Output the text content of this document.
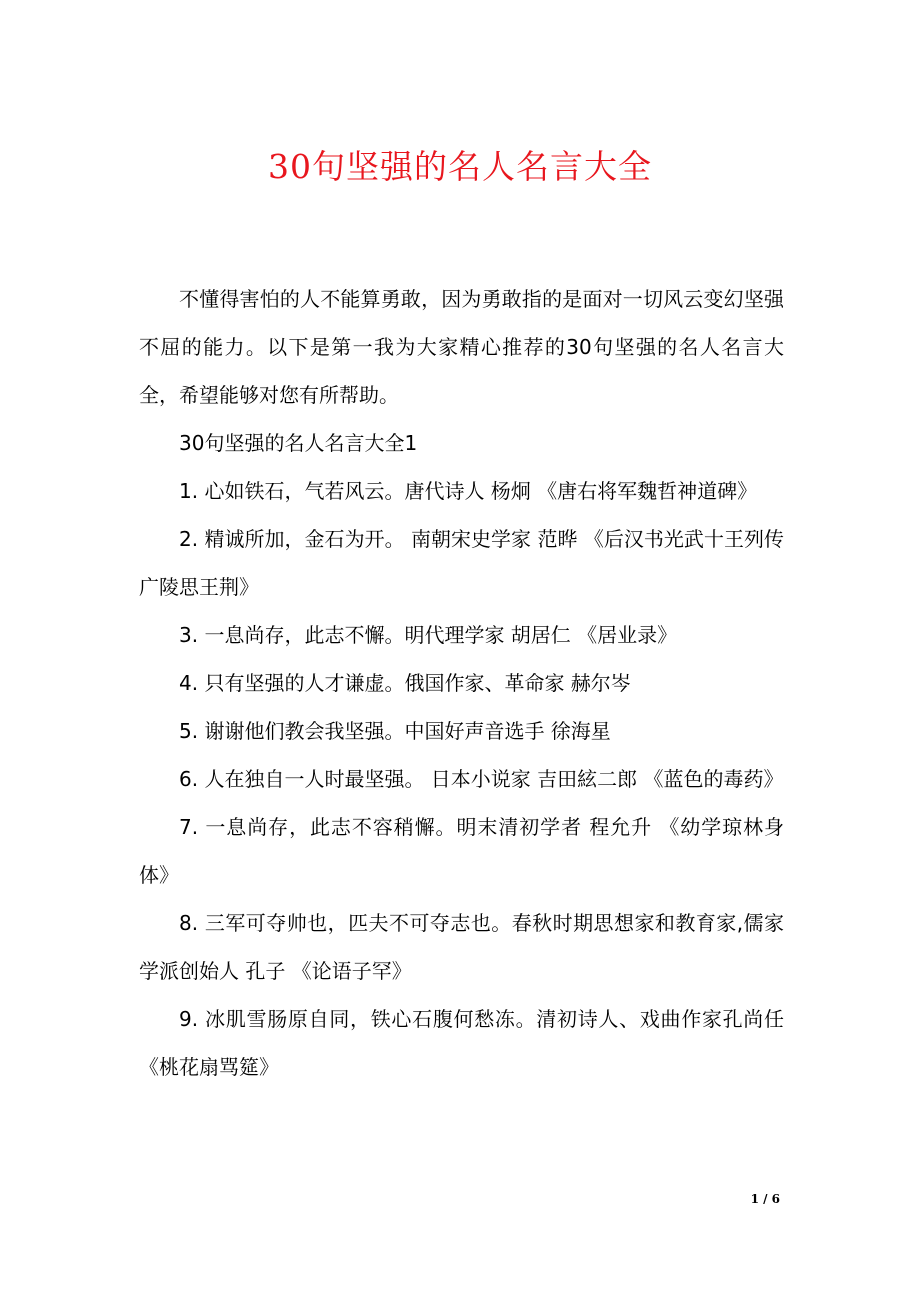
30句坚强的名人名言大全

不懂得害怕的人不能算勇敢，因为勇敢指的是面对一切风云变幻坚强不屈的能力。以下是第一我为大家精心推荐的30句坚强的名人名言大全，希望能够对您有所帮助。

30句坚强的名人名言大全1

1. 心如铁石，气若风云。唐代诗人 杨炯 《唐右将军魏哲神道碑》

2. 精诚所加，金石为开。 南朝宋史学家 范晔 《后汉书光武十王列传广陵思王荆》

3. 一息尚存，此志不懈。明代理学家 胡居仁 《居业录》

4. 只有坚强的人才谦虚。俄国作家、革命家 赫尔岑

5. 谢谢他们教会我坚强。中国好声音选手 徐海星

6. 人在独自一人时最坚强。 日本小说家 吉田絃二郎 《蓝色的毒药》

7. 一息尚存，此志不容稍懈。明末清初学者 程允升 《幼学琼林身体》

8. 三军可夺帅也，匹夫不可夺志也。春秋时期思想家和教育家,儒家学派创始人 孔子 《论语子罕》

9. 冰肌雪肠原自同，铁心石腹何愁冻。清初诗人、戏曲作家孔尚任 《桃花扇骂筵》

1 / 6
